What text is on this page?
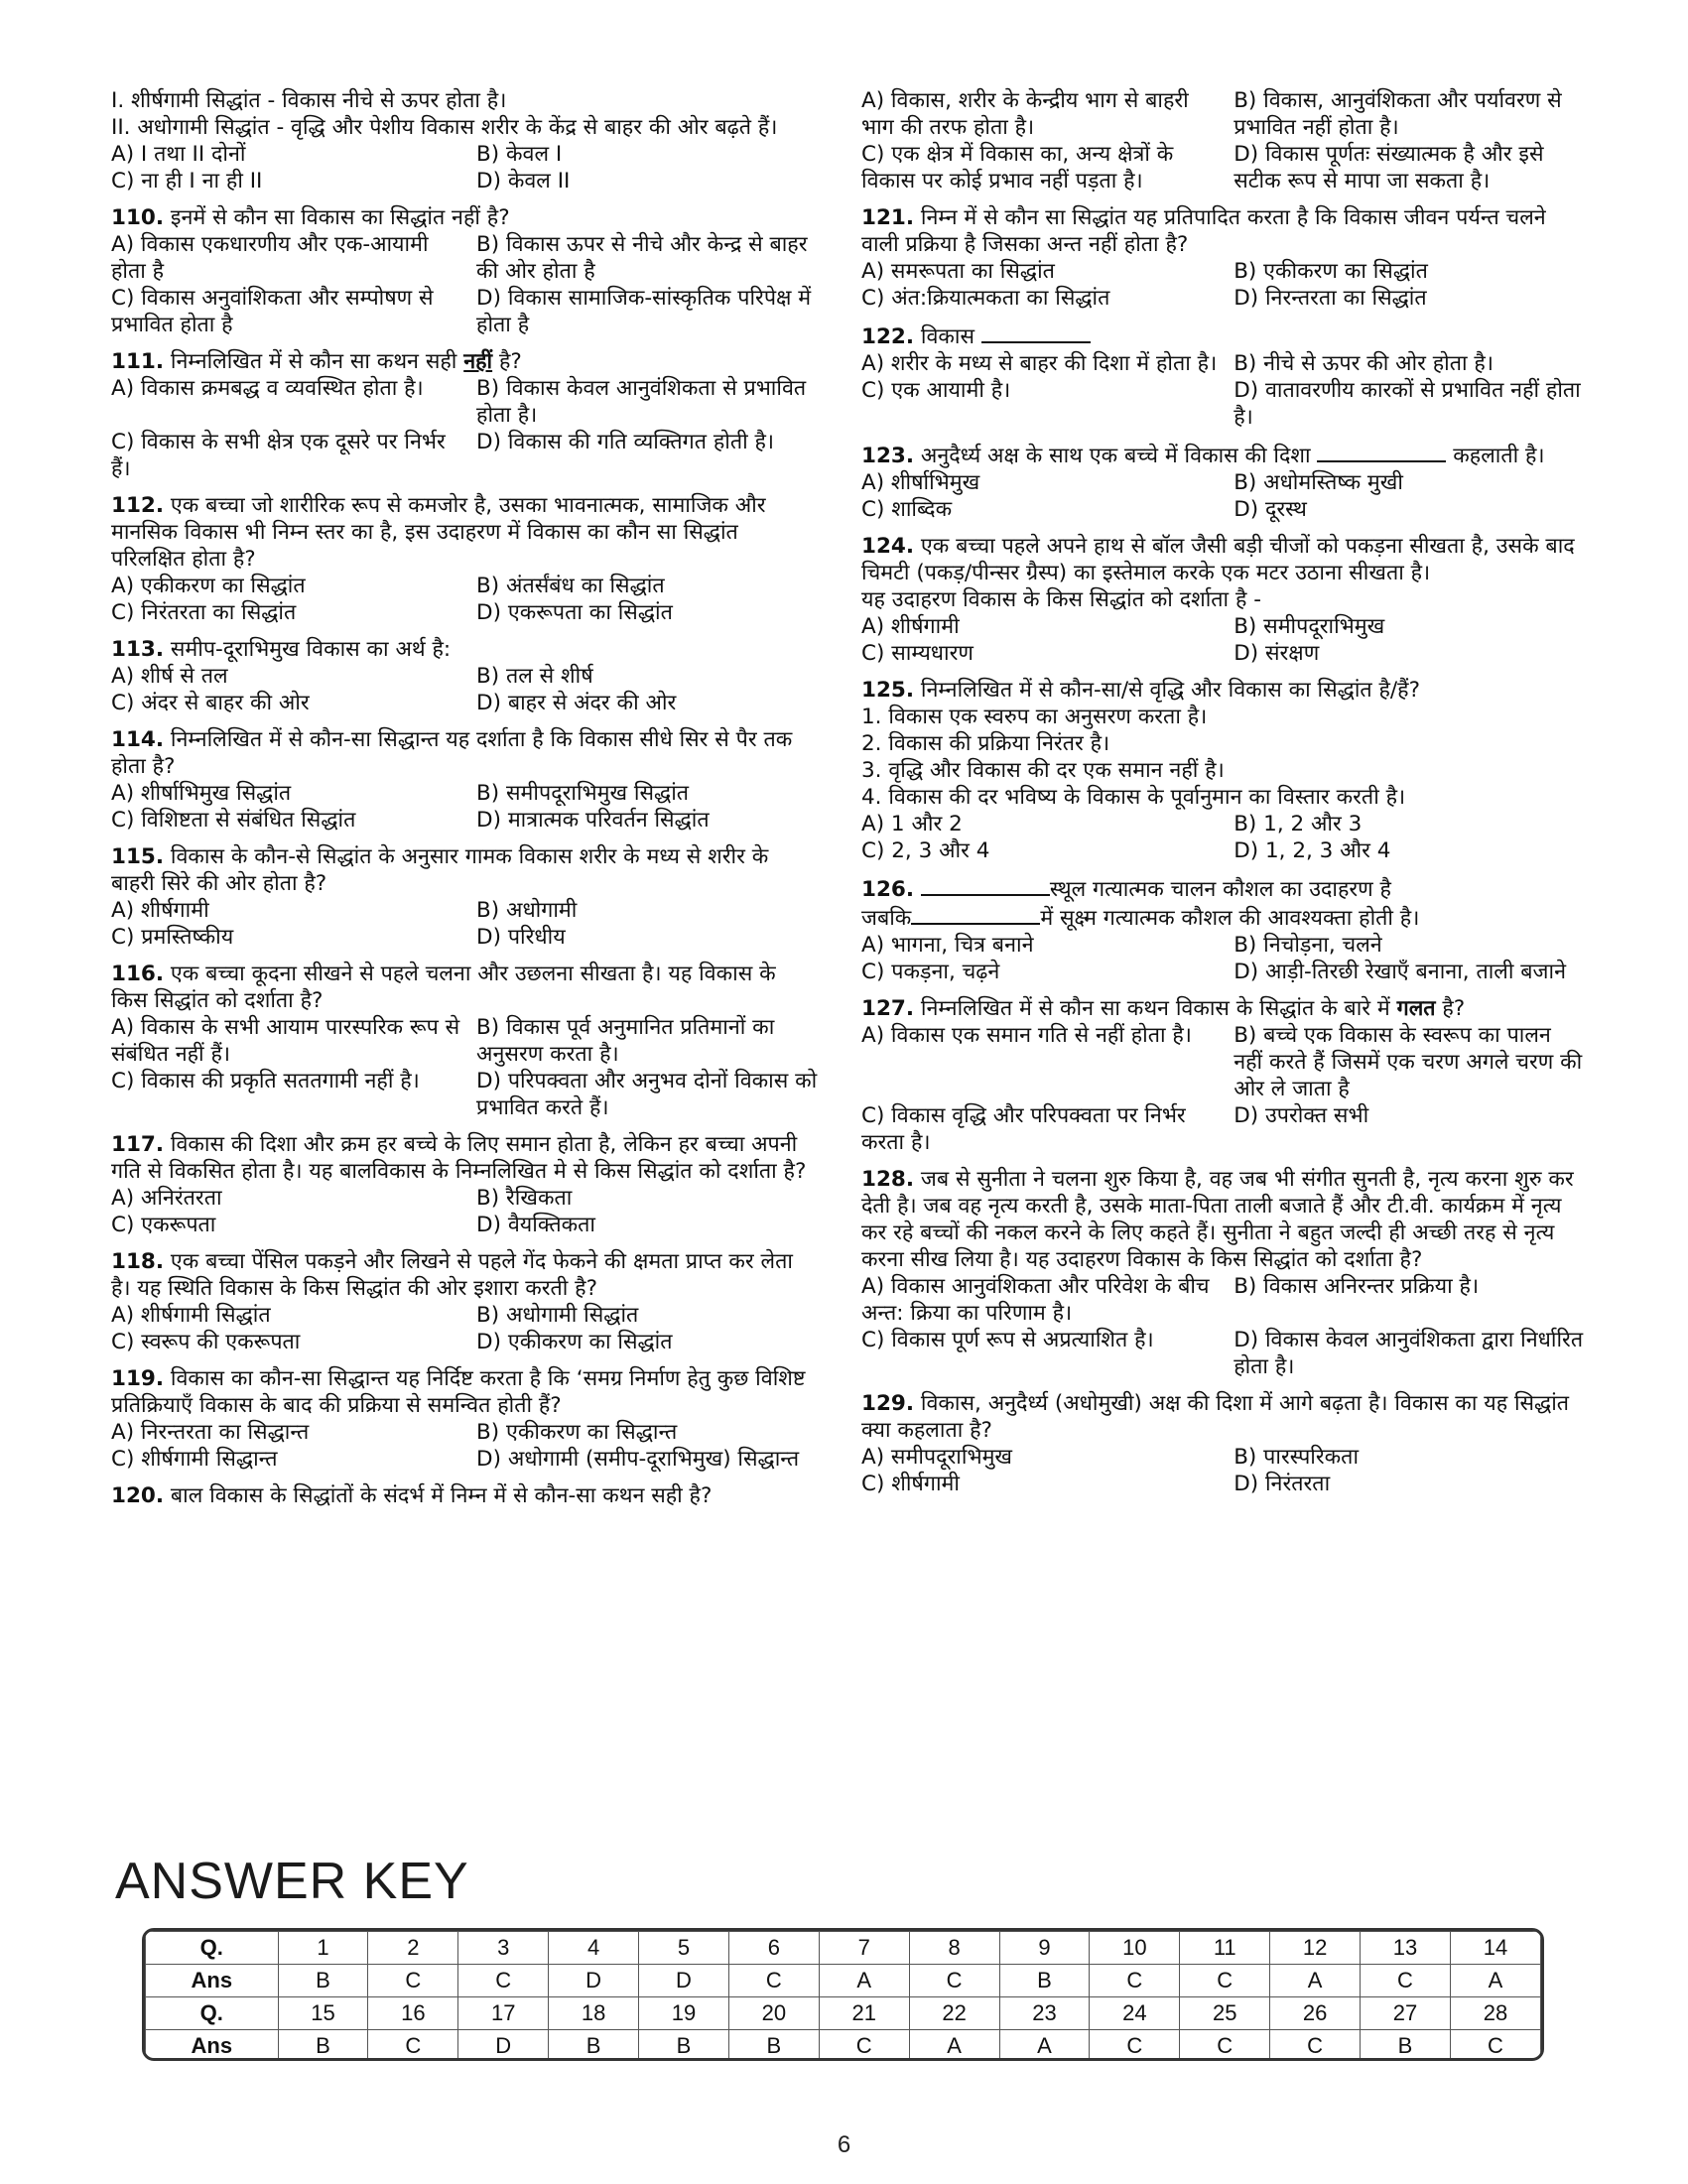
I. शीर्षगामी सिद्धांत - विकास नीचे से ऊपर होता है।

II. अधोगामी सिद्धांत - वृद्धि और पेशीय विकास शरीर के केंद्र से बाहर की ओर बढ़ते हैं।

A) I तथा II दोनों	B) केवल I

C) ना ही I ना ही II	D) केवल II

110. इनमें से कौन सा विकास का सिद्धांत नहीं है?

A) विकास एकधारणीय और एक-आयामी होता है

B) विकास ऊपर से नीचे और केन्द्र से बाहर की ओर होता है

C) विकास अनुवांशिकता और सम्पोषण से प्रभावित होता है

D) विकास सामाजिक-सांस्कृतिक परिपेक्ष में होता है

111. निम्नलिखित में से कौन सा कथन सही नहीं है?

A) विकास क्रमबद्ध व व्यवस्थित होता है।	B) विकास केवल आनुवंशिकता से प्रभावित होता है।

C) विकास के सभी क्षेत्र एक दूसरे पर निर्भर हैं।

D) विकास की गति व्यक्तिगत होती है।

112. एक बच्चा जो शारीरिक रूप से कमजोर है, उसका भावनात्मक, सामाजिक और मानसिक विकास भी निम्न स्तर का है, इस उदाहरण में विकास का कौन सा सिद्धांत परिलक्षित होता है?

A) एकीकरण का सिद्धांत	B) अंतर्संबंध का सिद्धांत

C) निरंतरता का सिद्धांत	D) एकरूपता का सिद्धांत

113. समीप-दूराभिमुख विकास का अर्थ है:

A) शीर्ष से तल	B) तल से शीर्ष

C) अंदर से बाहर की ओर	D) बाहर से अंदर की ओर

114. निम्नलिखित में से कौन-सा सिद्धान्त यह दर्शाता है कि विकास सीधे सिर से पैर तक होता है?

A) शीर्षाभिमुख सिद्धांत	B) समीपदूराभिमुख सिद्धांत

C) विशिष्टता से संबंधित सिद्धांत	D) मात्रात्मक परिवर्तन सिद्धांत

115. विकास के कौन-से सिद्धांत के अनुसार गामक विकास शरीर के मध्य से शरीर के बाहरी सिरे की ओर होता है?

A) शीर्षगामी	B) अधोगामी

C) प्रमस्तिष्कीय	D) परिधीय

116. एक बच्चा कूदना सीखने से पहले चलना और उछलना सीखता है। यह विकास के किस सिद्धांत को दर्शाता है?

A) विकास के सभी आयाम पारस्परिक रूप से संबंधित नहीं हैं।

B) विकास पूर्व अनुमानित प्रतिमानों का अनुसरण करता है।

C) विकास की प्रकृति सततगामी नहीं है।	D) परिपक्वता और अनुभव दोनों विकास को प्रभावित करते हैं।

117. विकास की दिशा और क्रम हर बच्चे के लिए समान होता है, लेकिन हर बच्चा अपनी गति से विकसित होता है। यह बालविकास के निम्नलिखित मे से किस सिद्धांत को दर्शाता है?

A) अनिरंतरता	B) रैखिकता

C) एकरूपता	D) वैयक्तिकता

118. एक बच्चा पेंसिल पकड़ने और लिखने से पहले गेंद फेकने की क्षमता प्राप्त कर लेता है। यह स्थिति विकास के किस सिद्धांत की ओर इशारा करती है?

A) शीर्षगामी सिद्धांत	B) अधोगामी सिद्धांत

C) स्वरूप की एकरूपता	D) एकीकरण का सिद्धांत

119. विकास का कौन-सा सिद्धान्त यह निर्दिष्ट करता है कि ‘समग्र निर्माण हेतु कुछ विशिष्ट प्रतिक्रियाएँ विकास के बाद की प्रक्रिया से समन्वित होती हैं?

A) निरन्तरता का सिद्धान्त	B) एकीकरण का सिद्धान्त

C) शीर्षगामी सिद्धान्त	D) अधोगामी (समीप-दूराभिमुख) सिद्धान्त

120. बाल विकास के सिद्धांतों के संदर्भ में निम्न में से कौन-सा कथन सही है?

A) विकास, शरीर के केन्द्रीय भाग से बाहरी भाग की तरफ होता है।

B) विकास, आनुवंशिकता और पर्यावरण से प्रभावित नहीं होता है।

C) एक क्षेत्र में विकास का, अन्य क्षेत्रों के विकास पर कोई प्रभाव नहीं पड़ता है।

D) विकास पूर्णतः संख्यात्मक है और इसे सटीक रूप से मापा जा सकता है।

121. निम्न में से कौन सा सिद्धांत यह प्रतिपादित करता है कि विकास जीवन पर्यन्त चलने वाली प्रक्रिया है जिसका अन्त नहीं होता है?

A) समरूपता का सिद्धांत	B) एकीकरण का सिद्धांत

C) अंत:क्रियात्मकता का सिद्धांत	D) निरन्तरता का सिद्धांत

122. विकास

A) शरीर के मध्य से बाहर की दिशा में होता है। B) नीचे से ऊपर की ओर होता है।

C) एक आयामी है।	D) वातावरणीय कारकों से प्रभावित नहीं होता है।

123. अनुदैर्ध्य अक्ष के साथ एक बच्चे में विकास की दिशा	कहलाती है।

A) शीर्षाभिमुख	B) अधोमस्तिष्क मुखी

C) शाब्दिक	D) दूरस्थ

124. एक बच्चा पहले अपने हाथ से बॉल जैसी बड़ी चीजों को पकड़ना सीखता है, उसके बाद चिमटी (पकड़/पीन्सर ग्रैस्प) का इस्तेमाल करके एक मटर उठाना सीखता है।

यह उदाहरण विकास के किस सिद्धांत को दर्शाता है -

A) शीर्षगामी	B) समीपदूराभिमुख

C) साम्यधारण	D) संरक्षण

125. निम्नलिखित में से कौन-सा/से वृद्धि और विकास का सिद्धांत है/हैं?

1. विकास एक स्वरुप का अनुसरण करता है।

2. विकास की प्रक्रिया निरंतर है।

3. वृद्धि और विकास की दर एक समान नहीं है।

4. विकास की दर भविष्य के विकास के पूर्वानुमान का विस्तार करती है।

A) 1 और 2	B) 1, 2 और 3

C) 2, 3 और 4	D) 1, 2, 3 और 4

126.	स्थूल गत्यात्मक चालन कौशल का उदाहरण है

जबकि	में सूक्ष्म गत्यात्मक कौशल की आवश्यक्ता होती है।

A) भागना, चित्र बनाने	B) निचोड़ना, चलने

C) पकड़ना, चढ़ने	D) आड़ी-तिरछी रेखाएँ बनाना, ताली बजाने

127. निम्नलिखित में से कौन सा कथन विकास के सिद्धांत के बारे में गलत है?

A) विकास एक समान गति से नहीं होता है।	B) बच्चे एक विकास के स्वरूप का पालन नहीं करते हैं जिसमें एक चरण अगले चरण की ओर ले जाता है

C) विकास वृद्धि और परिपक्वता पर निर्भर करता है।

D) उपरोक्त सभी

128. जब से सुनीता ने चलना शुरु किया है, वह जब भी संगीत सुनती है, नृत्य करना शुरु कर देती है। जब वह नृत्य करती है, उसके माता-पिता ताली बजाते हैं और टी.वी. कार्यक्रम में नृत्य कर रहे बच्चों की नकल करने के लिए कहते हैं। सुनीता ने बहुत जल्दी ही अच्छी तरह से नृत्य करना सीख लिया है। यह उदाहरण विकास के किस सिद्धांत को दर्शाता है?

A) विकास आनुवंशिकता और परिवेश के बीच अन्त: क्रिया का परिणाम है।

B) विकास अनिरन्तर प्रक्रिया है।

C) विकास पूर्ण रूप से अप्रत्याशित है।	D) विकास केवल आनुवंशिकता द्वारा निर्धारित होता है।

129. विकास, अनुदैर्ध्य (अधोमुखी) अक्ष की दिशा में आगे बढ़ता है। विकास का यह सिद्धांत क्या कहलाता है?

A) समीपदूराभिमुख	B) पारस्परिकता

C) शीर्षगामी	D) निरंतरता

ANSWER KEY
Q.	1	2	3	4	5	6	7	8	9	10	11	12	13	14
Ans	B	C	C	D	D	C	A	C	B	C	C	A	C	A
Q.	15	16	17	18	19	20	21	22	23	24	25	26	27	28
Ans	B	C	D	B	B	B	C	A	A	C	C	C	B	C
6
